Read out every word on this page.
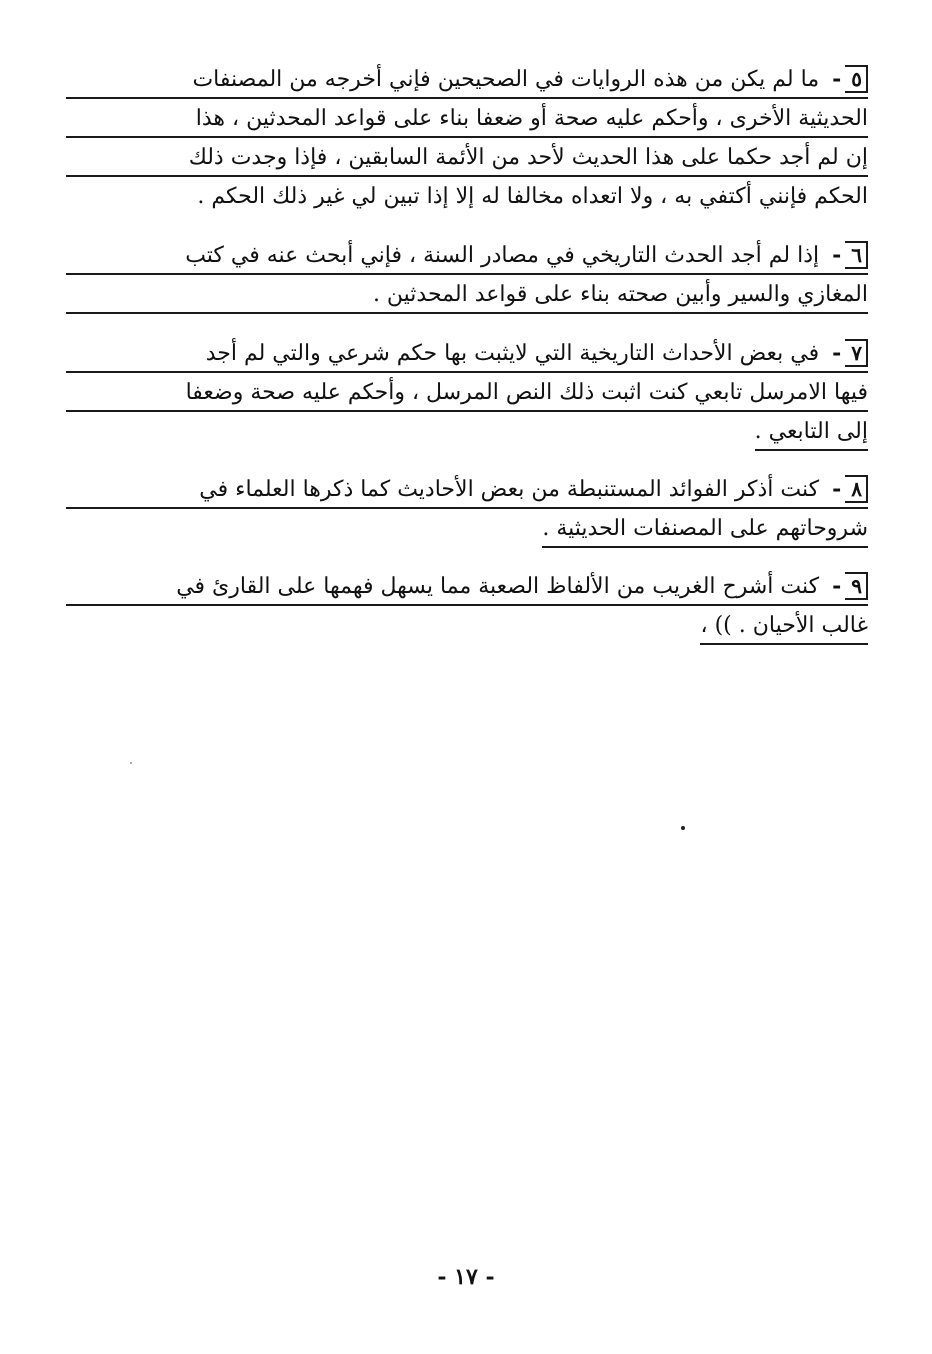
٥- ما لم يكن من هذه الروايات في الصحيحين فإني أخرجه من المصنفات
الحديثية الأخرى ، وأحكم عليه صحة أو ضعفا بناء على قواعد المحدثين ، هذا
إن لم أجد حكما على هذا الحديث لأحد من الأئمة السابقين ، فإذا وجدت ذلك
الحكم فإنني أكتفي به ، ولا اتعداه مخالفا له إلا إذا تبين لي غير ذلك الحكم .
٦- إذا لم أجد الحدث التاريخي في مصادر السنة ، فإني أبحث عنه في كتب
المغازي والسير وأبين صحته بناء على قواعد المحدثين .
٧- في بعض الأحداث التاريخية التي لايثبت بها حكم شرعي والتي لم أجد
فيها الامرسل تابعي كنت اثبت ذلك النص المرسل ، وأحكم عليه صحة وضعفا
إلى التابعي .
٨- كنت أذكر الفوائد المستنبطة من بعض الأحاديث كما ذكرها العلماء في
شروحاتهم على المصنفات الحديثية .
٩- كنت أشرح الغريب من الألفاظ الصعبة مما يسهل فهمها على القارئ في
غالب الأحيان . )) ،
- ١٧ -
